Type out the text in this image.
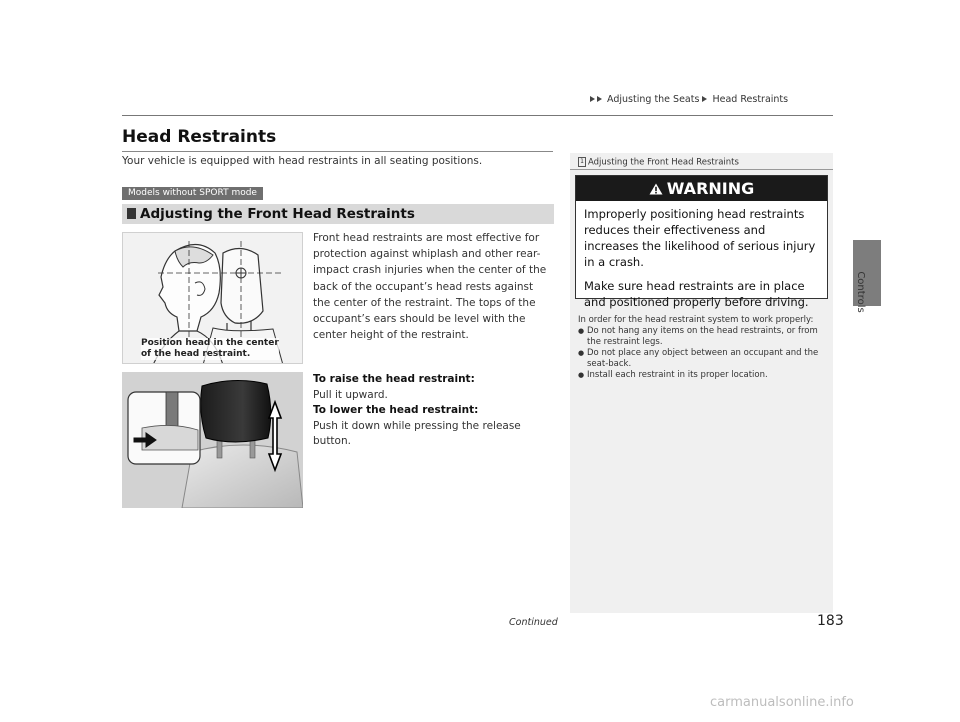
Adjusting the Seats Head Restraints
Controls
Head Restraints
Your vehicle is equipped with head restraints in all seating positions.
Models without SPORT mode
Adjusting the Front Head Restraints
Position head in the center
of the head restraint.

Front head restraints are most effective for protection against whiplash and other rear-impact crash injuries when the center of the back of the occupant’s head rests against the center of the restraint. The tops of the occupant’s ears should be level with the center height of the restraint.

To raise the head restraint:
Pull it upward.
To lower the head restraint:
Push it down while pressing the release button.
1 Adjusting the Front Head Restraints
WARNING

Improperly positioning head restraints reduces their effectiveness and increases the likelihood of serious injury in a crash.

Make sure head restraints are in place and positioned properly before driving.

In order for the head restraint system to work properly:

● Do not hang any items on the head restraints, or from the restraint legs.
● Do not place any object between an occupant and the seat-back.
● Install each restraint in its proper location.
Continued	183
carmanualsonline.info
